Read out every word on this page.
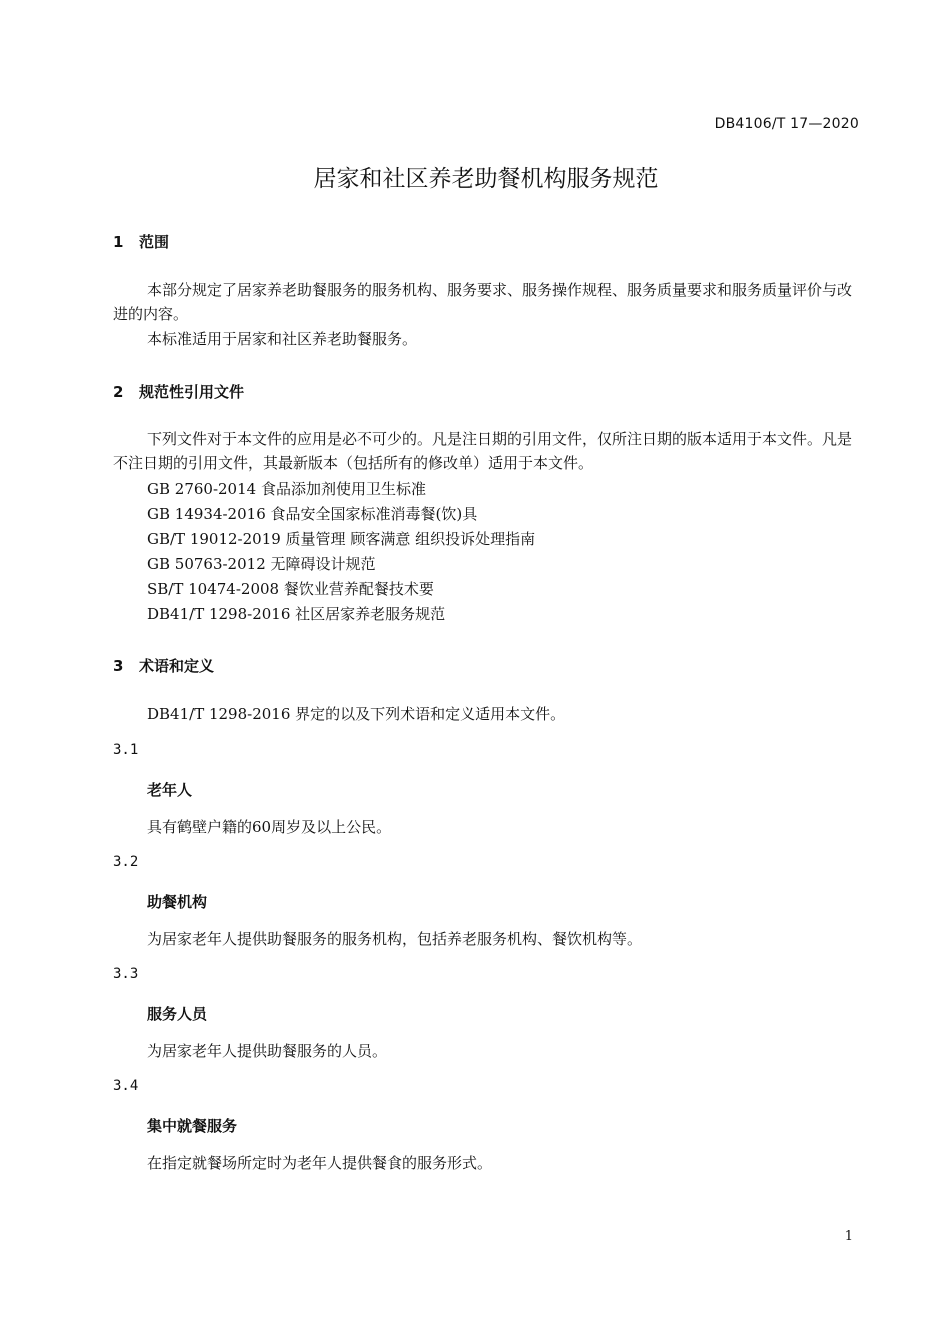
DB4106/T 17—2020
居家和社区养老助餐机构服务规范
1 范围
本部分规定了居家养老助餐服务的服务机构、服务要求、服务操作规程、服务质量要求和服务质量评价与改进的内容。
本标准适用于居家和社区养老助餐服务。
2 规范性引用文件
下列文件对于本文件的应用是必不可少的。凡是注日期的引用文件，仅所注日期的版本适用于本文件。凡是不注日期的引用文件，其最新版本（包括所有的修改单）适用于本文件。
GB 2760-2014 食品添加剂使用卫生标准
GB 14934-2016 食品安全国家标准消毒餐(饮)具
GB/T 19012-2019 质量管理 顾客满意 组织投诉处理指南
GB 50763-2012 无障碍设计规范
SB/T 10474-2008 餐饮业营养配餐技术要
DB41/T 1298-2016 社区居家养老服务规范
3 术语和定义
DB41/T 1298-2016 界定的以及下列术语和定义适用本文件。
3.1
老年人
具有鹤壁户籍的60周岁及以上公民。
3.2
助餐机构
为居家老年人提供助餐服务的服务机构，包括养老服务机构、餐饮机构等。
3.3
服务人员
为居家老年人提供助餐服务的人员。
3.4
集中就餐服务
在指定就餐场所定时为老年人提供餐食的服务形式。
1
